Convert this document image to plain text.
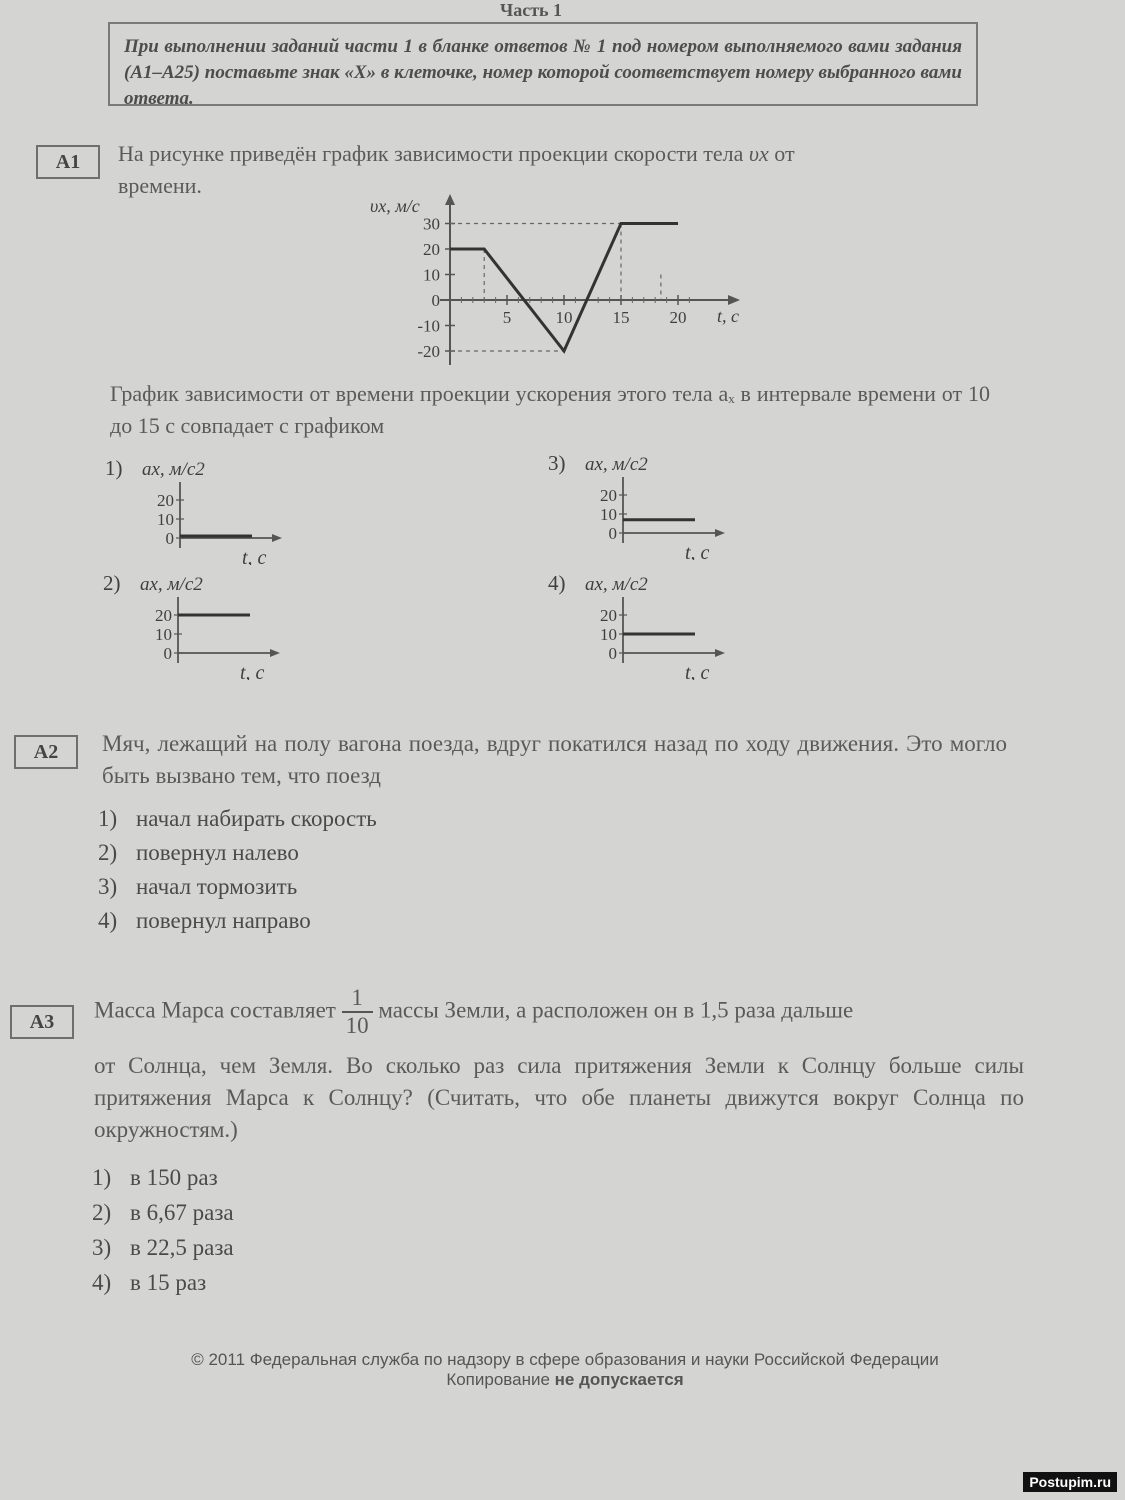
Часть 1
При выполнении заданий части 1 в бланке ответов № 1 под номером выполняемого вами задания (А1–А25) поставьте знак «X» в клеточке, номер которой соответствует номеру выбранного вами ответа.
А1	На рисунке приведён график зависимости проекции скорости тела υx от
времени.
υx, м/с
t, с
30
20
10
0
-10
-20
5	10 15 20
График зависимости от времени проекции ускорения этого тела aₓ в интервале времени от 10 до 15 с совпадает с графиком
1) ax, м/с2
20
10
0
t, с
2) ax, м/с2
20
10
0
t, с
3) ax, м/с2
20
10
0
t, с
4) ax, м/с2
20
10
0
t, с
А2	Мяч, лежащий на полу вагона поезда, вдруг покатился назад по ходу движения. Это могло быть вызвано тем, что поезд
1) начал набирать скорость
2) повернул налево
3) начал тормозить
4) повернул направо
А3	Масса Марса составляет $\frac{1}{10}$ массы Земли, а расположен он в 1,5 раза дальше
от Солнца, чем Земля. Во сколько раз сила притяжения Земли к Солнцу больше силы притяжения Марса к Солнцу? (Считать, что обе планеты движутся вокруг Солнца по окружностям.)
1) в 150 раз
2) в 6,67 раза
3) в 22,5 раза
4) в 15 раз
© 2011 Федеральная служба по надзору в сфере образования и науки Российской Федерации
Копирование не допускается
Postupim.ru
